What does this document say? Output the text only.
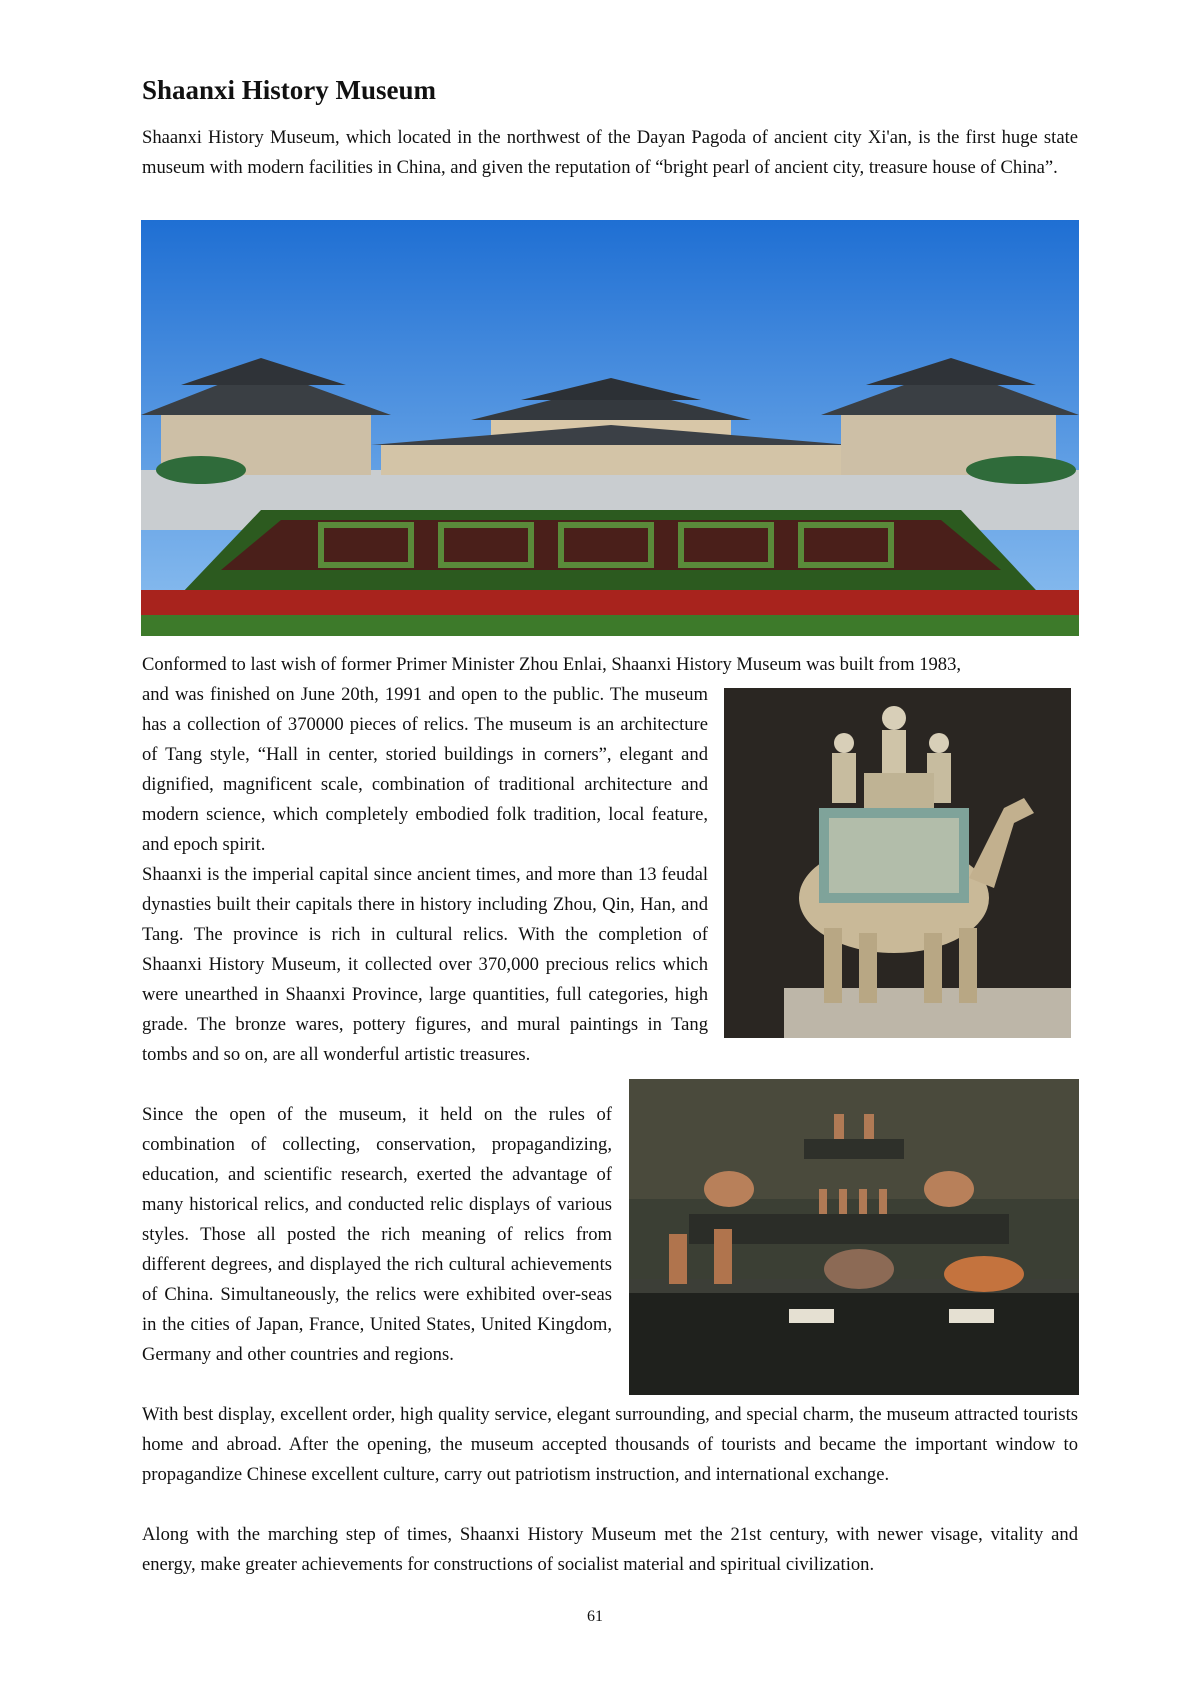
Shaanxi History Museum

Shaanxi History Museum, which located in the northwest of the Dayan Pagoda of ancient city Xi'an, is the first huge state museum with modern facilities in China, and given the reputation of “bright pearl of ancient city, treasure house of China”.

Conformed to last wish of former Primer Minister Zhou Enlai, Shaanxi History Museum was built from 1983,

and was finished on June 20th, 1991 and open to the public. The museum has a collection of 370000 pieces of relics. The museum is an architecture of Tang style, “Hall in center, storied buildings in corners”, elegant and dignified, magnificent scale, combination of traditional architecture and modern science, which completely embodied folk tradition, local feature, and epoch spirit.

Shaanxi is the imperial capital since ancient times, and more than 13 feudal dynasties built their capitals there in history including Zhou, Qin, Han, and Tang. The province is rich in cultural relics. With the completion of Shaanxi History Museum, it collected over 370,000 precious relics which were unearthed in Shaanxi Province, large quantities, full categories, high grade. The bronze wares, pottery figures, and mural paintings in Tang tombs and so on, are all wonderful artistic treasures.

Since the open of the museum, it held on the rules of combination of collecting, conservation, propagandizing, education, and scientific research, exerted the advantage of many historical relics, and conducted relic displays of various styles. Those all posted the rich meaning of relics from different degrees, and displayed the rich cultural achievements of China. Simultaneously, the relics were exhibited over-seas in the cities of Japan, France, United States, United Kingdom, Germany and other countries and regions.

With best display, excellent order, high quality service, elegant surrounding, and special charm, the museum attracted tourists home and abroad. After the opening, the museum accepted thousands of tourists and became the important window to propagandize Chinese excellent culture, carry out patriotism instruction, and international exchange.

Along with the marching step of times, Shaanxi History Museum met the 21st century, with newer visage, vitality and energy, make greater achievements for constructions of socialist material and spiritual civilization.

61
